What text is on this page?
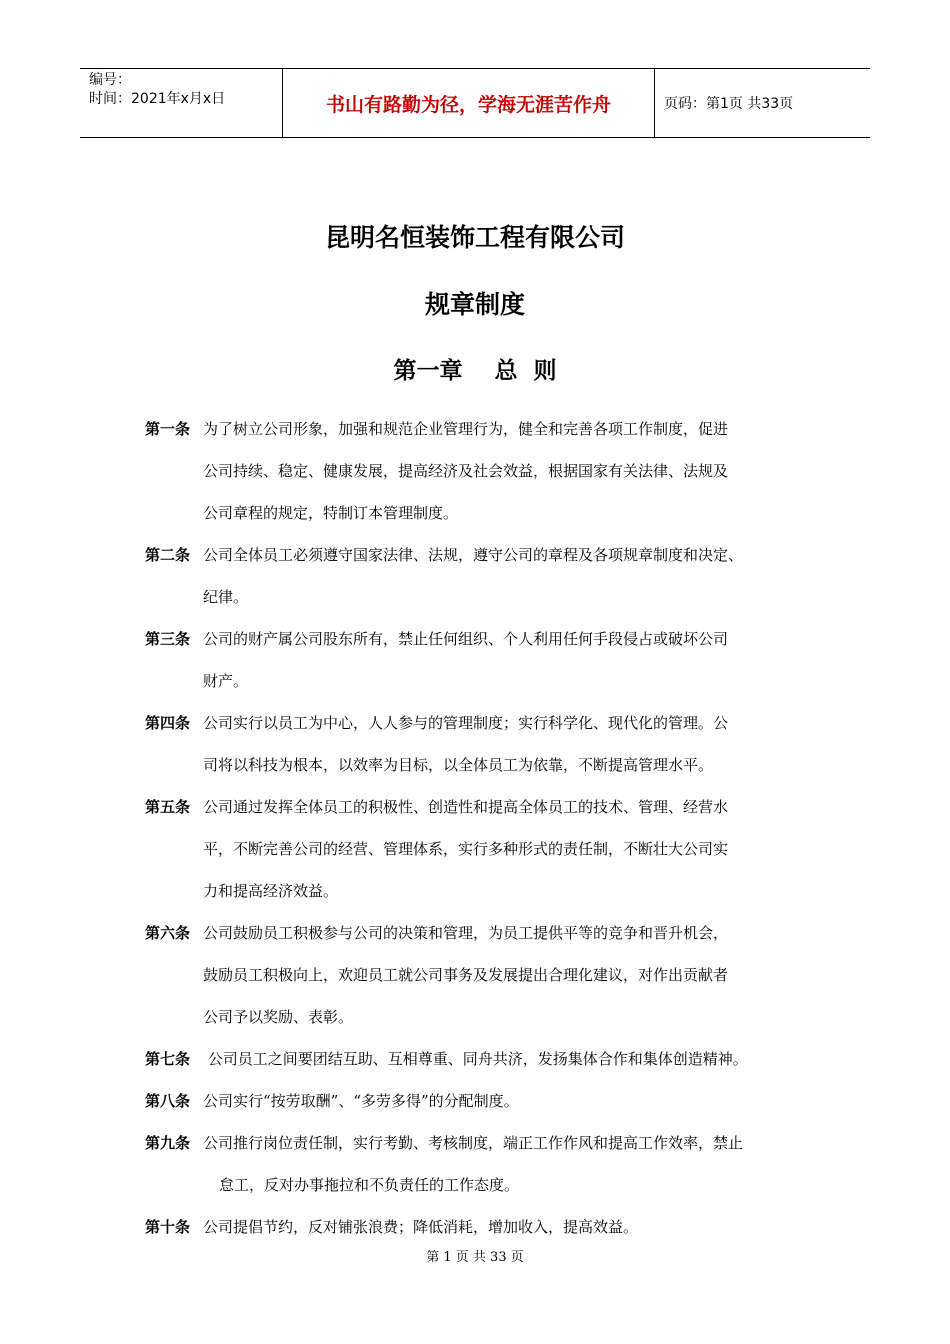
编号：
时间：2021年x月x日	书山有路勤为径，学海无涯苦作舟	页码：第1页 共33页
昆明名恒装饰工程有限公司
规章制度
第一章    总  则
第一条 为了树立公司形象，加强和规范企业管理行为，健全和完善各项工作制度，促进
公司持续、稳定、健康发展，提高经济及社会效益，根据国家有关法律、法规及
公司章程的规定，特制订本管理制度。
第二条 公司全体员工必须遵守国家法律、法规，遵守公司的章程及各项规章制度和决定、
纪律。
第三条 公司的财产属公司股东所有，禁止任何组织、个人利用任何手段侵占或破坏公司
财产。
第四条 公司实行以员工为中心，人人参与的管理制度；实行科学化、现代化的管理。公
司将以科技为根本，以效率为目标，以全体员工为依靠，不断提高管理水平。
第五条 公司通过发挥全体员工的积极性、创造性和提高全体员工的技术、管理、经营水
平，不断完善公司的经营、管理体系，实行多种形式的责任制，不断壮大公司实
力和提高经济效益。
第六条 公司鼓励员工积极参与公司的决策和管理，为员工提供平等的竞争和晋升机会，
鼓励员工积极向上，欢迎员工就公司事务及发展提出合理化建议，对作出贡献者
公司予以奖励、表彰。
第七条 公司员工之间要团结互助、互相尊重、同舟共济，发扬集体合作和集体创造精神。
第八条 公司实行“按劳取酬”、“多劳多得”的分配制度。
第九条 公司推行岗位责任制，实行考勤、考核制度，端正工作作风和提高工作效率，禁止
怠工，反对办事拖拉和不负责任的工作态度。
第十条 公司提倡节约，反对铺张浪费；降低消耗，增加收入，提高效益。
第 1 页 共 33 页
